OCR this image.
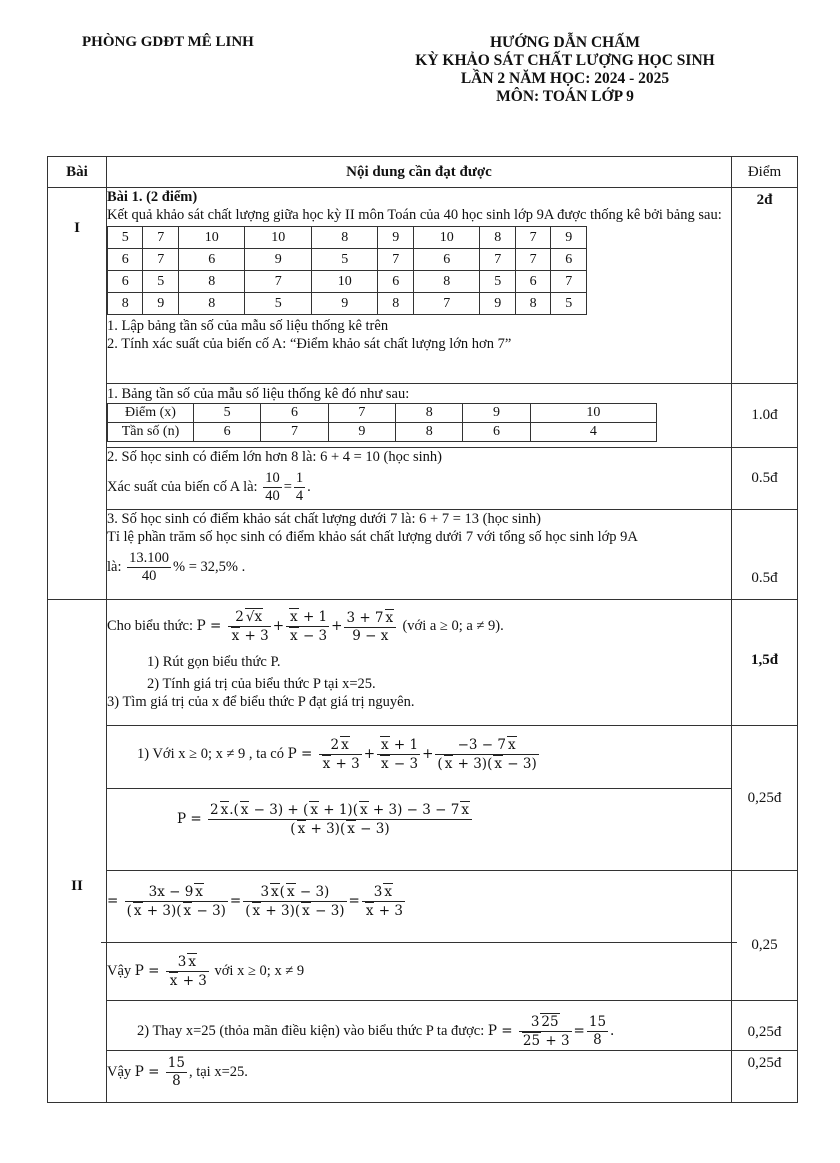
PHÒNG GDĐT MÊ LINH	HƯỚNG DẪN CHẤM
KỲ KHẢO SÁT CHẤT LƯỢNG HỌC SINH
LẦN 2 NĂM HỌC: 2024 - 2025
MÔN: TOÁN LỚP 9
Bài	Nội dung cần đạt được	Điểm
I	
Bài 1. (2 điểm)
Kết quả khảo sát chất lượng giữa học kỳ II môn Toán của 40 học sinh lớp 9A được thống kê bởi bảng sau:
5	7	10	10	8	9	10	8	7	9
6	7	6	9	5	7	6	7	7	6
6	5	8	7	10	6	8	5	6	7
8	9	8	5	9	8	7	9	8	5
1. Lập bảng tần số của mẫu số liệu thống kê trên
2. Tính xác suất của biến cố A: “Điểm khảo sát chất lượng lớn hơn 7”
	2đ

1. Bảng tần số của mẫu số liệu thống kê đó như sau:
Điểm (x)	5	6	7	8	9	10
Tần số (n)	6	7	9	8	6	4
	1.0đ

2. Số học sinh có điểm lớn hơn 8 là: 6 + 4 = 10 (học sinh)
Xác suất của biến cố A là: $\frac{10}{40} = \frac{1}{4}$ .
	0.5đ

3. Số học sinh có điểm khảo sát chất lượng dưới 7 là: 6 + 7 = 13 (học sinh)
Tỉ lệ phần trăm số học sinh có điểm khảo sát chất lượng dưới 7 với tổng số học sinh lớp 9A
là: $\frac{13.100}{40}$ % = 32,5% .
	0.5đ
II	
Cho biểu thức: $P = \frac{2√ x}{x + 3} + \frac{x + 1}{x - 3} + \frac{3 + 7 x}{9 - x}$ (với a ≥ 0; a ≠ 9).
1) Rút gọn biểu thức P.
2) Tính giá trị của biểu thức P tại x=25.
3) Tìm giá trị của x để biểu thức P đạt giá trị nguyên.
	1,5đ
1) Với x ≥ 0; x ≠ 9 , ta có $P = \frac{2 x}{x + 3} + \frac{x + 1}{x - 3} + \frac{-3 - 7 x}{( x + 3)( x - 3)}$
	0,25đ
$P = \frac{2 x.( x - 3) + ( x + 1)( x + 3) - 3 - 7 x}{( x + 3)( x - 3)}$

= $\frac{3x - 9 x}{( x + 3)( x - 3)} = \frac{3 x( x - 3)}{( x + 3)( x - 3)} = \frac{3 x}{x + 3}$
Vậy $P = \frac{3 x}{x + 3}$ với x ≥ 0; x ≠ 9
	0,25
2) Thay x=25 (thỏa mãn điều kiện) vào biểu thức P ta được: $P = \frac{3 25}{25 + 3} = \frac{15}{8}$ .	0,25đ
Vậy $P = \frac{15}{8}$ , tại x=25.	0,25đ
